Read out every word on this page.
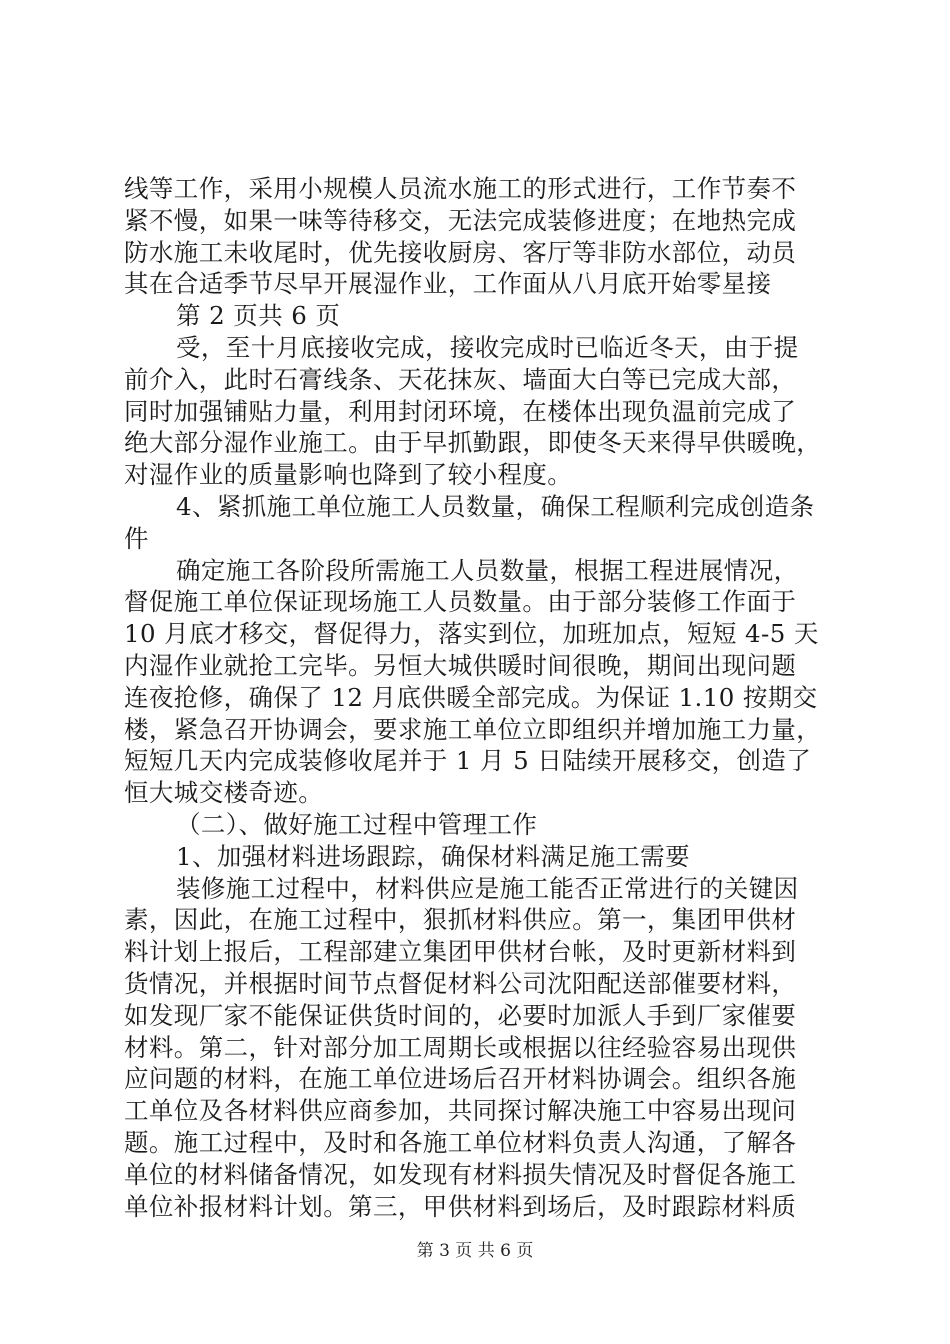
线等工作，采用小规模人员流水施工的形式进行，工作节奏不
紧不慢，如果一味等待移交，无法完成装修进度；在地热完成
防水施工未收尾时，优先接收厨房、客厅等非防水部位，动员
其在合适季节尽早开展湿作业，工作面从八月底开始零星接
第 2 页共 6 页
受，至十月底接收完成，接收完成时已临近冬天，由于提
前介入，此时石膏线条、天花抹灰、墙面大白等已完成大部，
同时加强铺贴力量，利用封闭环境，在楼体出现负温前完成了
绝大部分湿作业施工。由于早抓勤跟，即使冬天来得早供暖晚，
对湿作业的质量影响也降到了较小程度。
4、紧抓施工单位施工人员数量，确保工程顺利完成创造条
件
确定施工各阶段所需施工人员数量，根据工程进展情况，
督促施工单位保证现场施工人员数量。由于部分装修工作面于
10 月底才移交，督促得力，落实到位，加班加点，短短 4-5 天
内湿作业就抢工完毕。另恒大城供暖时间很晚，期间出现问题
连夜抢修，确保了 12 月底供暖全部完成。为保证 1.10 按期交
楼，紧急召开协调会，要求施工单位立即组织并增加施工力量，
短短几天内完成装修收尾并于 1 月 5 日陆续开展移交，创造了
恒大城交楼奇迹。
（二）、做好施工过程中管理工作
1、加强材料进场跟踪，确保材料满足施工需要
装修施工过程中，材料供应是施工能否正常进行的关键因
素，因此，在施工过程中，狠抓材料供应。第一，集团甲供材
料计划上报后，工程部建立集团甲供材台帐，及时更新材料到
货情况，并根据时间节点督促材料公司沈阳配送部催要材料，
如发现厂家不能保证供货时间的，必要时加派人手到厂家催要
材料。第二，针对部分加工周期长或根据以往经验容易出现供
应问题的材料，在施工单位进场后召开材料协调会。组织各施
工单位及各材料供应商参加，共同探讨解决施工中容易出现问
题。施工过程中，及时和各施工单位材料负责人沟通，了解各
单位的材料储备情况，如发现有材料损失情况及时督促各施工
单位补报材料计划。第三，甲供材料到场后，及时跟踪材料质
第 3 页 共 6 页
